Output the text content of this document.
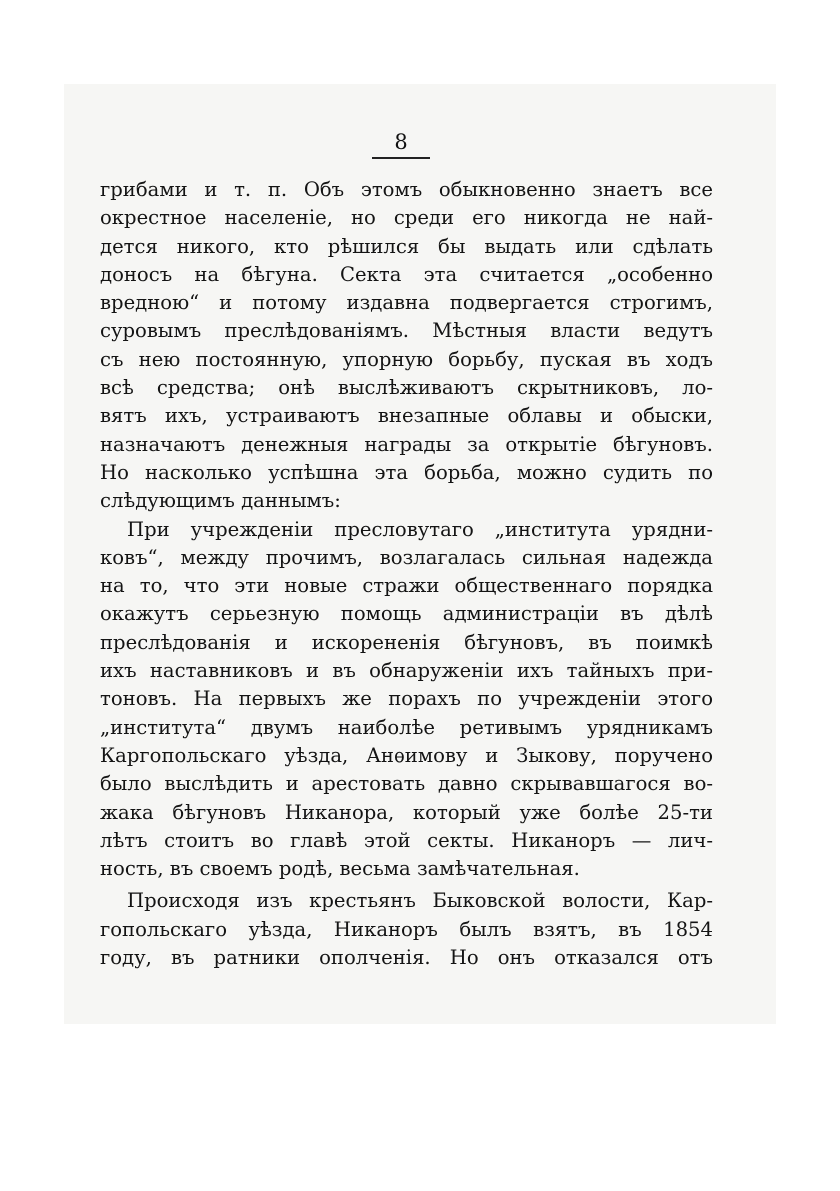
8
грибами и т. п. Объ этомъ обыкновенно знаетъ все
окрестное населеніе, но среди его никогда не най-
дется никого, кто рѣшился бы выдать или сдѣлать
доносъ на бѣгуна. Секта эта считается „особенно
вредною“ и потому издавна подвергается строгимъ,
суровымъ преслѣдованіямъ. Мѣстныя власти ведутъ
съ нею постоянную, упорную борьбу, пуская въ ходъ
всѣ средства; онѣ выслѣживаютъ скрытниковъ, ло-
вятъ ихъ, устраиваютъ внезапные облавы и обыски,
назначаютъ денежныя награды за открытіе бѣгуновъ.
Но насколько успѣшна эта борьба, можно судить по
слѣдующимъ даннымъ:
При учрежденіи пресловутаго „института урядни-
ковъ“, между прочимъ, возлагалась сильная надежда
на то, что эти новые стражи общественнаго порядка
окажутъ серьезную помощь администраціи въ дѣлѣ
преслѣдованія и искорененія бѣгуновъ, въ поимкѣ
ихъ наставниковъ и въ обнаруженіи ихъ тайныхъ при-
тоновъ. На первыхъ же порахъ по учрежденіи этого
„института“ двумъ наиболѣе ретивымъ урядникамъ
Каргопольскаго уѣзда, Анѳимову и Зыкову, поручено
было выслѣдить и арестовать давно скрывавшагося во-
жака бѣгуновъ Никанора, который уже болѣе 25-ти
лѣтъ стоитъ во главѣ этой секты. Никаноръ — лич-
ность, въ своемъ родѣ, весьма замѣчательная.
Происходя изъ крестьянъ Быковской волости, Кар-
гопольскаго уѣзда, Никаноръ былъ взятъ, въ 1854
году, въ ратники ополченія. Но онъ отказался отъ
